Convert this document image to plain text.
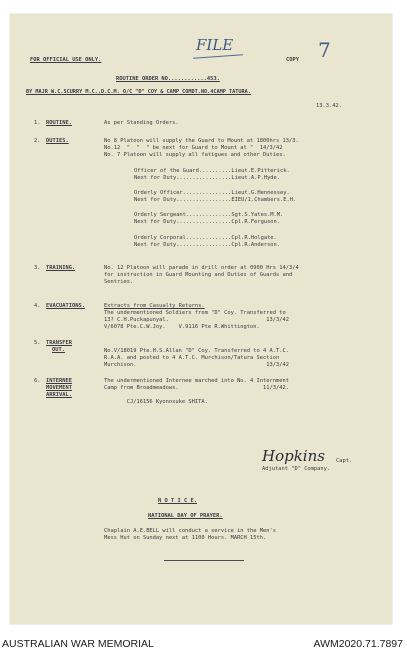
FOR OFFICIAL USE ONLY.
FILE
COPY 7
ROUTINE ORDER NO............453.
BY MAJR W.C.SCURRY M.C.,D.C.M. O/C "D" COY & CAMP COMDT.NO.4CAMP TATURA.
13.3.42.
1. ROUTINE.	As per Standing Orders.
2. DUTIES.	No 8 Platoon will supply the Guard to Mount at 1800hrs 13/3.
No.12  "  "  " be next for Guard to Mount at "  14/3/42
No. 7 Platoon will supply all fatigues and other Duties.
Officer of the Guard..........Lieut.E.Pitterick.
Next for Duty.................Lieut.A.P.Hyde.
Orderly Officer...............Lieut.G.Hennessey.
Next for Duty.................EIEU/1.Chambers.E.H.
Orderly Sergeant..............Sgt.S.Yates.M.M.
Next for Duty.................Cpl.R.Ferguson.
Orderly Corporal..............Cpl.R.Holgate.
Next for Duty.................Cpl.R.Anderson.
3. TRAINING.	No. 12 Platoon will parade in drill order at 0900 Hrs 14/3/4
for instruction in Guard Mounting and Duties of Guards and
Sentries.
4. EVACUATIONS.	Extracts from Casualty Returns.
The undermentioned Soldiers from "D" Coy. Transferred to
13? C.H.Puckapunyal.                              13/3/42
V/6078 Pte.C.W.Joy.    V.9116 Pte R.Whittington.
5. TRANSFER
OUT.	No.V/18019 Pte.H.S.Allan "D" Coy. Transferred to 4 A.T.C.
R.A.A. and posted to 4 A.T.C. Murchison/Tatura Section
Murchison.                                        13/3/42
6. INTERNEE
MOVEMENT
ARRIVAL.
The undermentioned Internee marched into No. 4 Internment
Camp from Broadmeadows.                          11/3/42.
CJ/16156 Kyonosuke SHITA.
Hopkins Capt.
Adjutant "D" Company.
N O T I C E.
NATIONAL DAY OF PRAYER.
Chaplain A.E.BELL will conduct a service in the Men's
Mess Hut on Sunday next at 1100 Hours. MARCH 15th.
AUSTRALIAN WAR MEMORIAL	AWM2020.71.7897
